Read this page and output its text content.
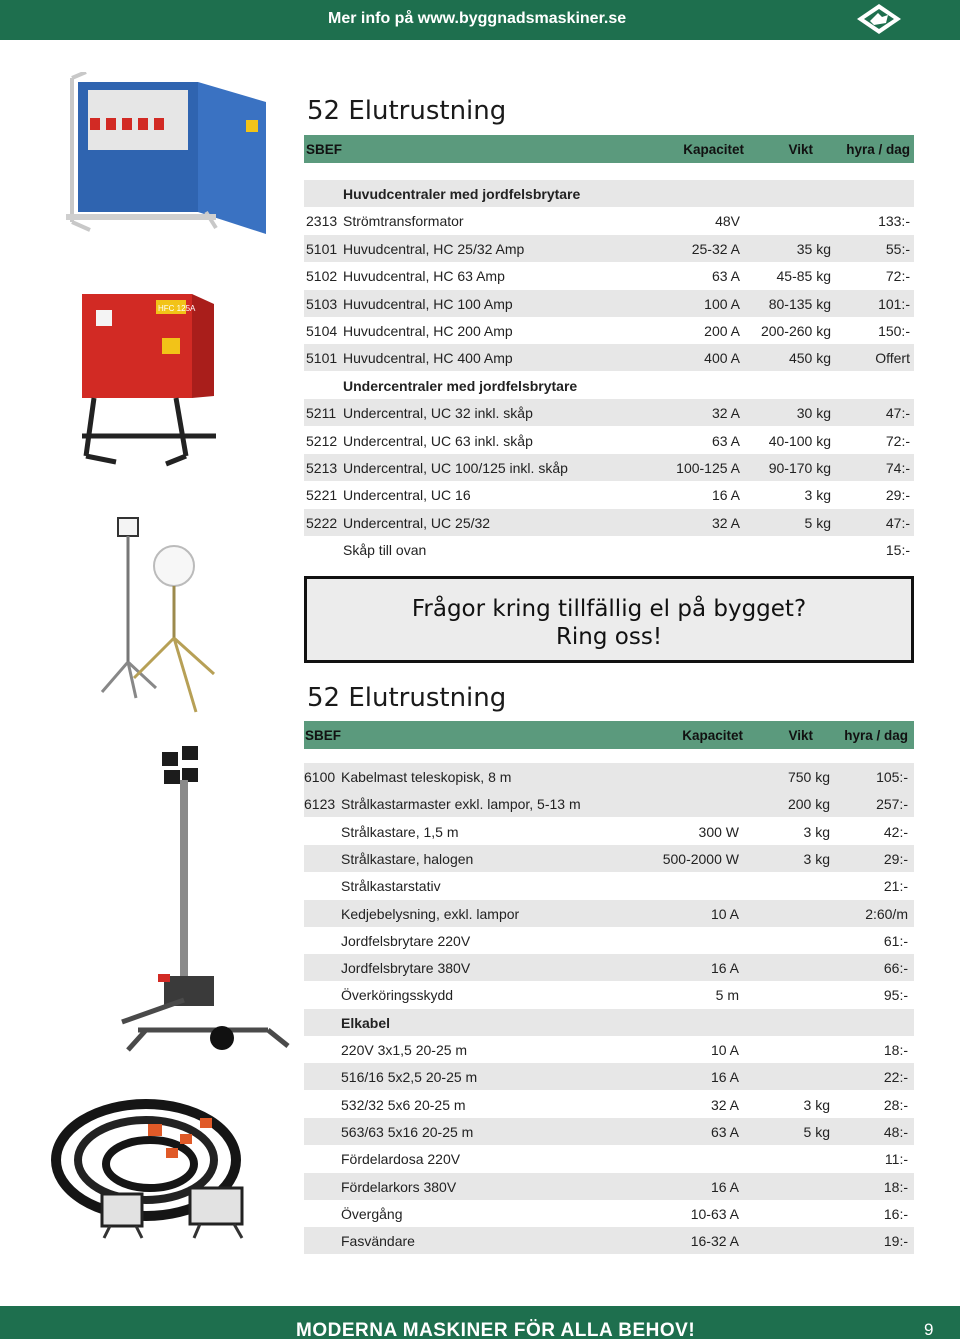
Mer info på www.byggnadsmaskiner.se
HFC 125A
52 Elutrustning
SBEF	Kapacitet	Vikt hyra / dag
Huvudcentraler med jordfelsbrytare
2313 Strömtransformator	48V	133:-
5101 Huvudcentral, HC 25/32 Amp	25-32 A	35 kg	55:-
5102 Huvudcentral, HC 63 Amp	63 A	45-85 kg	72:-
5103 Huvudcentral, HC 100 Amp	100 A 80-135 kg	101:-
5104 Huvudcentral, HC 200 Amp	200 A 200-260 kg	150:-
5101 Huvudcentral, HC 400 Amp	400 A	450 kg	Offert
Undercentraler med jordfelsbrytare
5211 Undercentral, UC 32 inkl. skåp	32 A	30 kg	47:-
5212 Undercentral, UC 63 inkl. skåp	63 A 40-100 kg	72:-
5213 Undercentral, UC 100/125 inkl. skåp	100-125 A 90-170 kg	74:-
5221 Undercentral, UC 16	16 A	3 kg	29:-
5222 Undercentral, UC 25/32	32 A	5 kg	47:-
Skåp till ovan	15:-
Frågor kring tillfällig el på bygget?
Ring oss!
52 Elutrustning
SBEF	Kapacitet	Vikt hyra / dag
6100 Kabelmast teleskopisk, 8 m	750 kg	105:-
6123 Strålkastarmaster exkl. lampor, 5-13 m	200 kg	257:-
Strålkastare, 1,5 m	300 W	3 kg	42:-
Strålkastare, halogen	500-2000 W	3 kg	29:-
Strålkastarstativ	21:-
Kedjebelysning, exkl. lampor	10 A	2:60/m
Jordfelsbrytare 220V	61:-
Jordfelsbrytare 380V	16 A	66:-
Överköringsskydd	5 m	95:-
Elkabel
220V 3x1,5 20-25 m	10 A	18:-
516/16 5x2,5 20-25 m	16 A	22:-
532/32 5x6 20-25 m	32 A	3 kg	28:-
563/63 5x16 20-25 m	63 A	5 kg	48:-
Fördelardosa 220V	11:-
Fördelarkors 380V	16 A	18:-
Övergång	10-63 A	16:-
Fasvändare	16-32 A	19:-
MODERNA MASKINER FÖR ALLA BEHOV!	9
